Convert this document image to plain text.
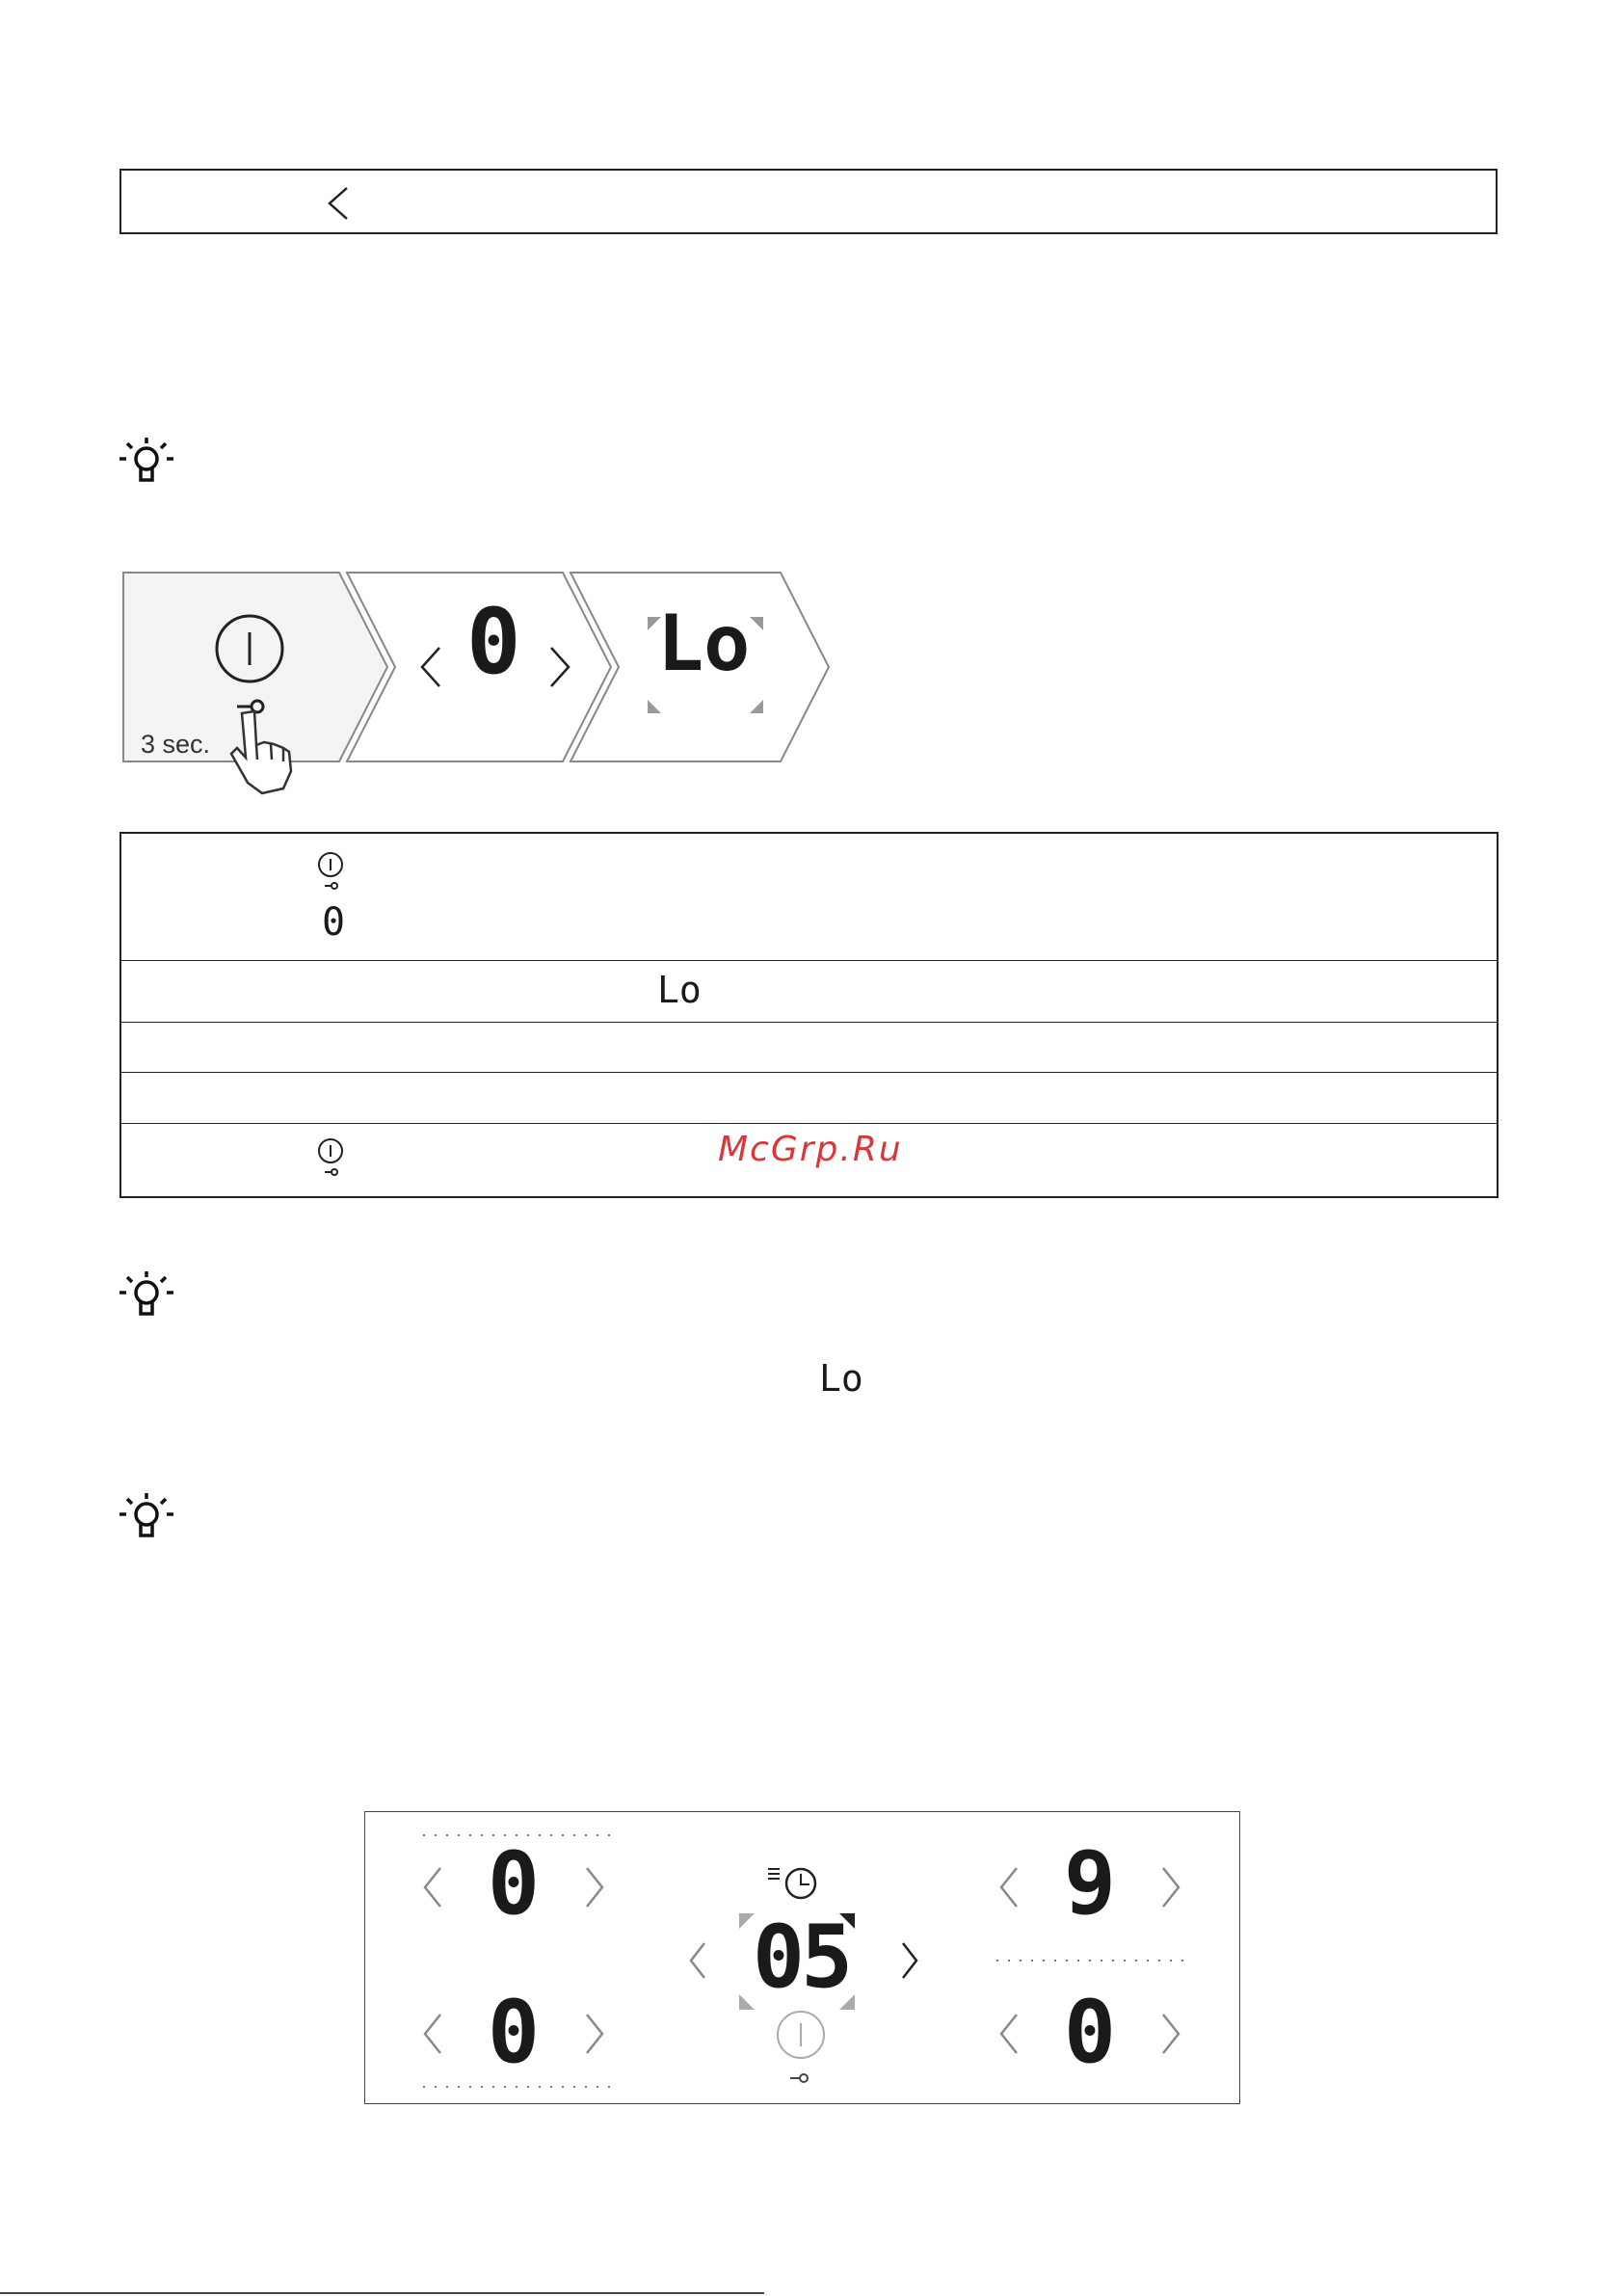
3 sec.
0 Lo
0
Lo
McGrp.Ru
Lo
0
0
9
0
05
